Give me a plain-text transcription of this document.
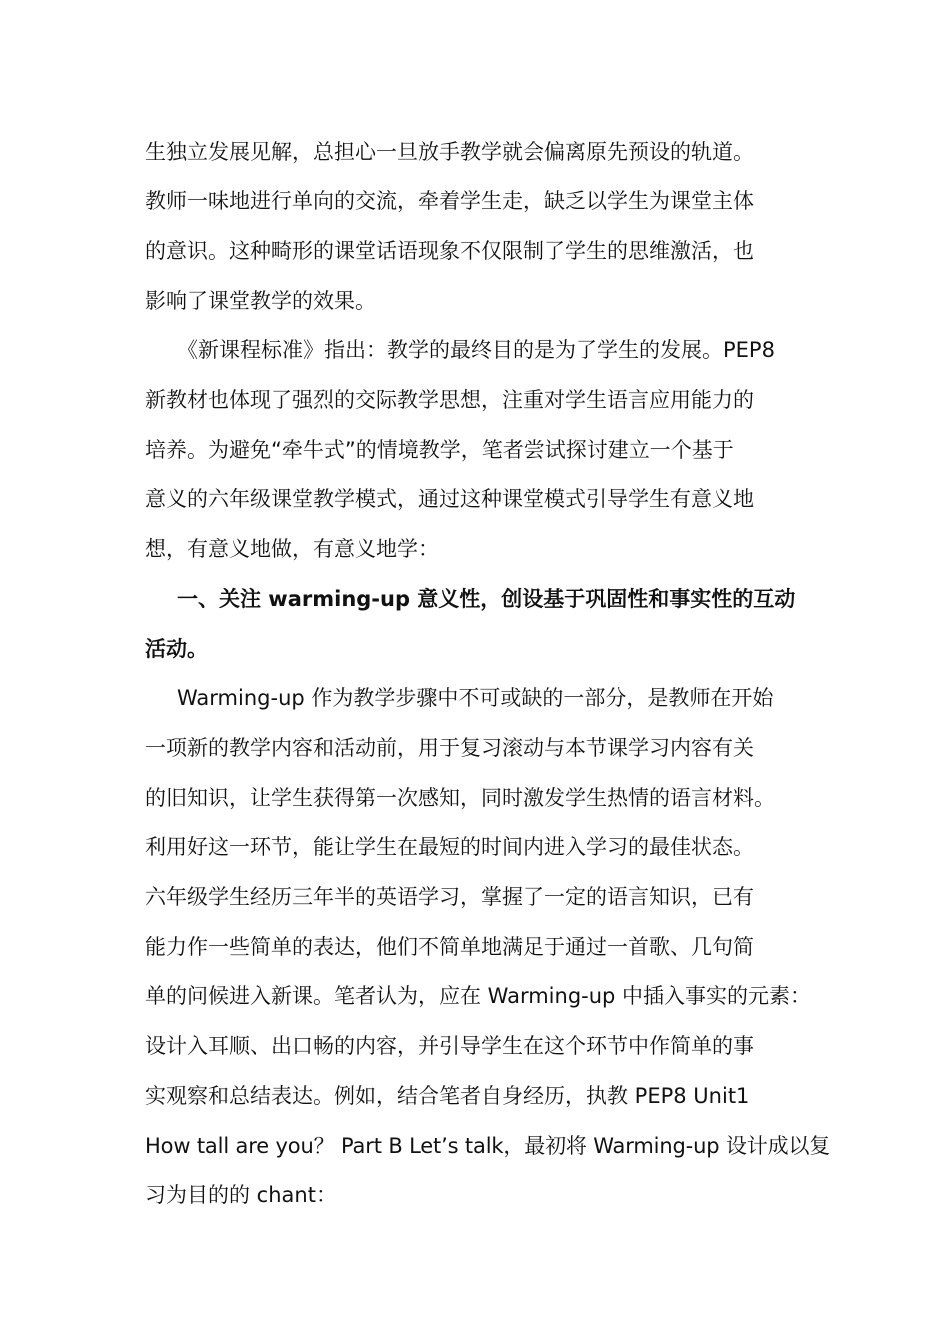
生独立发展见解，总担心一旦放手教学就会偏离原先预设的轨道。
教师一味地进行单向的交流，牵着学生走，缺乏以学生为课堂主体
的意识。这种畸形的课堂话语现象不仅限制了学生的思维激活，也
影响了课堂教学的效果。
《新课程标准》指出：教学的最终目的是为了学生的发展。PEP8
新教材也体现了强烈的交际教学思想，注重对学生语言应用能力的
培养。为避免“牵牛式”的情境教学，笔者尝试探讨建立一个基于
意义的六年级课堂教学模式，通过这种课堂模式引导学生有意义地
想，有意义地做，有意义地学：
一、关注 warming-up 意义性，创设基于巩固性和事实性的互动
活动。
Warming-up 作为教学步骤中不可或缺的一部分，是教师在开始
一项新的教学内容和活动前，用于复习滚动与本节课学习内容有关
的旧知识，让学生获得第一次感知，同时激发学生热情的语言材料。
利用好这一环节，能让学生在最短的时间内进入学习的最佳状态。
六年级学生经历三年半的英语学习，掌握了一定的语言知识，已有
能力作一些简单的表达，他们不简单地满足于通过一首歌、几句简
单的问候进入新课。笔者认为，应在 Warming-up 中插入事实的元素：
设计入耳顺、出口畅的内容，并引导学生在这个环节中作简单的事
实观察和总结表达。例如，结合笔者自身经历，执教 PEP8 Unit1
How tall are you？ Part B Let’s talk，最初将 Warming-up 设计成以复
习为目的的 chant：
